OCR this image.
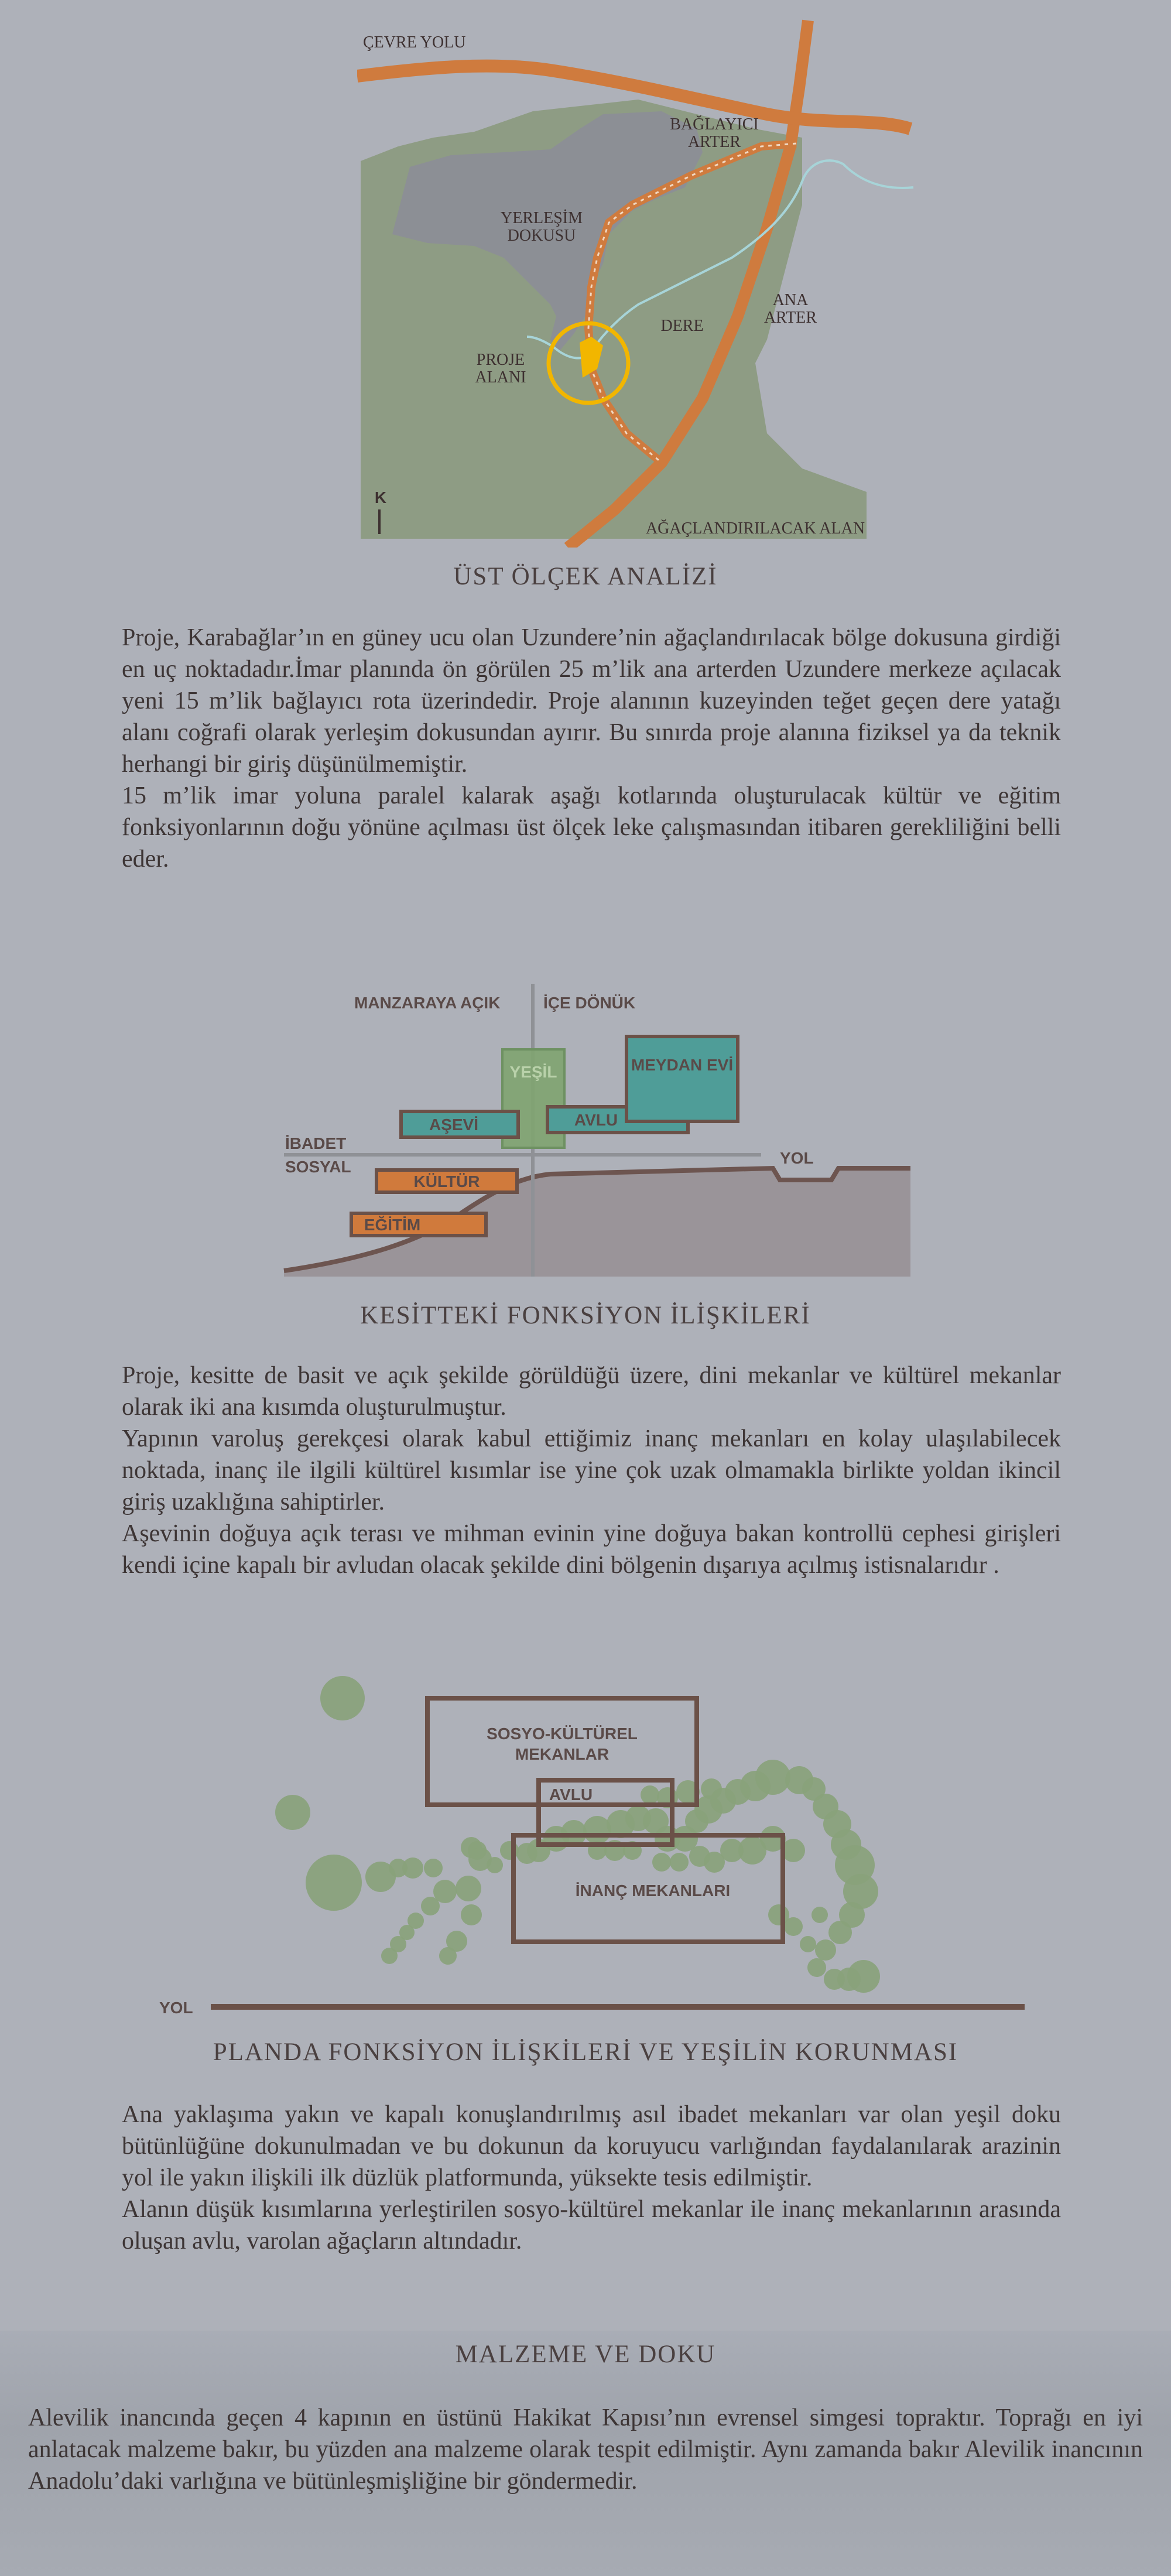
ÇEVRE YOLU
BAĞLAYICI ARTER
YERLEŞİM DOKUSU
DERE
ANA ARTER
PROJE ALANI
K
AĞAÇLANDIRILACAK ALAN
ÜST ÖLÇEK ANALİZİ

Proje, Karabağlar’ın en güney ucu olan Uzundere’nin ağaçlandırılacak bölge dokusuna girdiği en uç noktadadır.İmar planında ön görülen 25 m’lik ana arterden Uzundere merkeze açılacak yeni 15 m’lik bağlayıcı rota üzerindedir. Proje alanının kuzeyinden teğet geçen dere yatağı alanı coğrafi olarak yerleşim dokusundan ayırır. Bu sınırda proje alanına fiziksel ya da teknik herhangi bir giriş düşünülmemiştir.

15 m’lik imar yoluna paralel kalarak aşağı kotlarında oluşturulacak kültür ve eğitim fonksiyonlarının doğu yönüne açılması üst ölçek leke çalışmasından itibaren gerekliliğini belli eder.

MANZARAYA AÇIK	İÇE DÖNÜK
İBADET
SOSYAL	YOL
YEŞİL	MEYDAN EVİ
AŞEVİ	AVLU
KÜLTÜR
EĞİTİM
KESİTTEKİ FONKSİYON İLİŞKİLERİ

Proje, kesitte de basit ve açık şekilde görüldüğü üzere, dini mekanlar ve kültürel mekanlar olarak iki ana kısımda oluşturulmuştur.

Yapının varoluş gerekçesi olarak kabul ettiğimiz inanç mekanları en kolay ulaşılabilecek noktada, inanç ile ilgili kültürel kısımlar ise yine çok uzak olmamakla birlikte yoldan ikincil giriş uzaklığına sahiptirler.

Aşevinin doğuya açık terası ve mihman evinin yine doğuya bakan kontrollü cephesi girişleri kendi içine kapalı bir avludan olacak şekilde dini bölgenin dışarıya açılmış istisnalarıdır .

SOSYO-KÜLTÜREL
MEKANLAR
AVLU
İNANÇ MEKANLARI
YOL
PLANDA FONKSİYON İLİŞKİLERİ VE YEŞİLİN KORUNMASI

Ana yaklaşıma yakın ve kapalı konuşlandırılmış asıl ibadet mekanları var olan yeşil doku bütünlüğüne dokunulmadan ve bu dokunun da koruyucu varlığından faydalanılarak arazinin yol ile yakın ilişkili ilk düzlük platformunda, yüksekte tesis edilmiştir.

Alanın düşük kısımlarına yerleştirilen sosyo-kültürel mekanlar ile inanç mekanlarının arasında oluşan avlu, varolan ağaçların altındadır.

MALZEME VE DOKU

Alevilik inancında geçen 4 kapının en üstünü Hakikat Kapısı’nın evrensel simgesi topraktır. Toprağı en iyi anlatacak malzeme bakır, bu yüzden ana malzeme olarak tespit edilmiştir. Aynı zamanda bakır Alevilik inancının Anadolu’daki varlığına ve bütünleşmişliğine bir göndermedir.
